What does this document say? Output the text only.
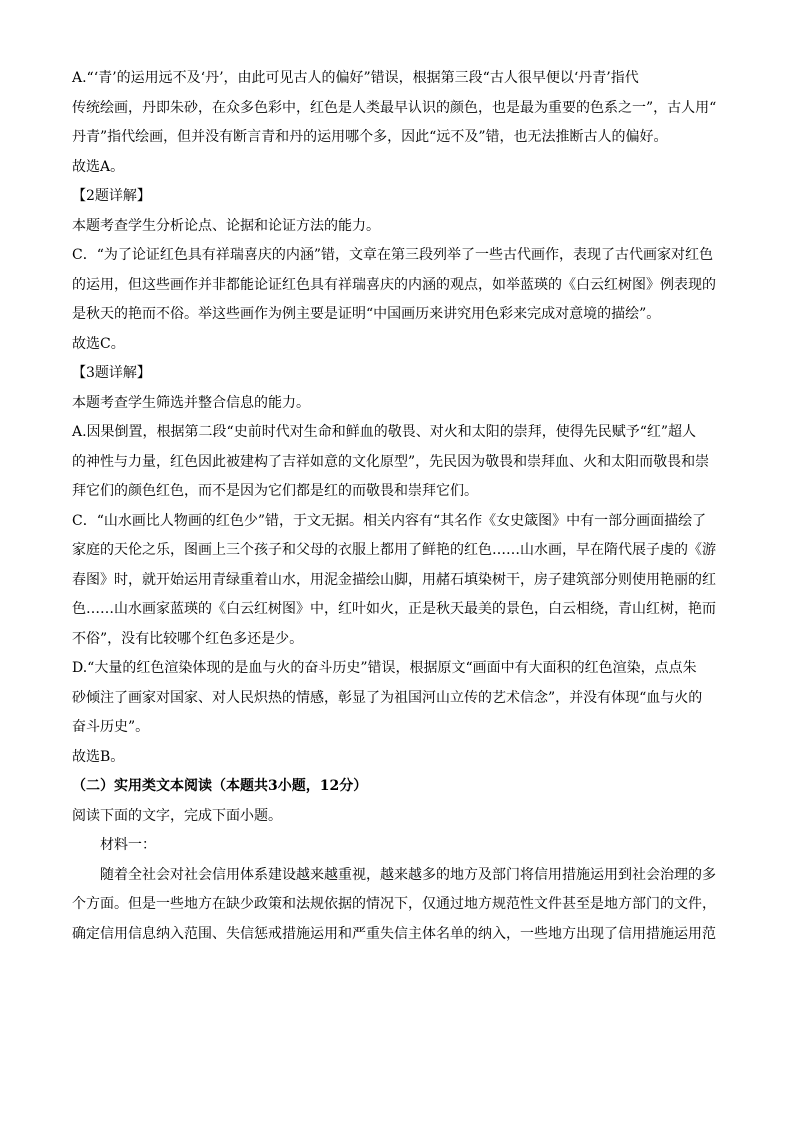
A.“‘青’的运用远不及‘丹’，由此可见古人的偏好”错误，根据第三段“古人很早便以‘丹青’指代
传统绘画，丹即朱砂，在众多色彩中，红色是人类最早认识的颜色，也是最为重要的色系之一”，古人用“
丹青”指代绘画，但并没有断言青和丹的运用哪个多，因此“远不及”错，也无法推断古人的偏好。
故选A。
【2题详解】
本题考查学生分析论点、论据和论证方法的能力。
C．“为了论证红色具有祥瑞喜庆的内涵”错，文章在第三段列举了一些古代画作，表现了古代画家对红色
的运用，但这些画作并非都能论证红色具有祥瑞喜庆的内涵的观点，如举蓝瑛的《白云红树图》例表现的
是秋天的艳而不俗。举这些画作为例主要是证明“中国画历来讲究用色彩来完成对意境的描绘”。
故选C。
【3题详解】
本题考查学生筛选并整合信息的能力。
A.因果倒置，根据第二段“史前时代对生命和鲜血的敬畏、对火和太阳的崇拜，使得先民赋予“红”超人
的神性与力量，红色因此被建构了吉祥如意的文化原型”，先民因为敬畏和崇拜血、火和太阳而敬畏和崇
拜它们的颜色红色，而不是因为它们都是红的而敬畏和崇拜它们。
C．“山水画比人物画的红色少”错，于文无据。相关内容有“其名作《女史箴图》中有一部分画面描绘了
家庭的天伦之乐，图画上三个孩子和父母的衣服上都用了鲜艳的红色……山水画，早在隋代展子虔的《游
春图》时，就开始运用青绿重着山水，用泥金描绘山脚，用赭石填染树干，房子建筑部分则使用艳丽的红
色……山水画家蓝瑛的《白云红树图》中，红叶如火，正是秋天最美的景色，白云相绕，青山红树，艳而
不俗”，没有比较哪个红色多还是少。
D.“大量的红色渲染体现的是血与火的奋斗历史”错误，根据原文“画面中有大面积的红色渲染，点点朱
砂倾注了画家对国家、对人民炽热的情感，彰显了为祖国河山立传的艺术信念”，并没有体现“血与火的
奋斗历史”。
故选B。
（二）实用类文本阅读（本题共3小题，12分）
阅读下面的文字，完成下面小题。
材料一：
随着全社会对社会信用体系建设越来越重视，越来越多的地方及部门将信用措施运用到社会治理的多
个方面。但是一些地方在缺少政策和法规依据的情况下，仅通过地方规范性文件甚至是地方部门的文件，
确定信用信息纳入范围、失信惩戒措施运用和严重失信主体名单的纳入，一些地方出现了信用措施运用范
